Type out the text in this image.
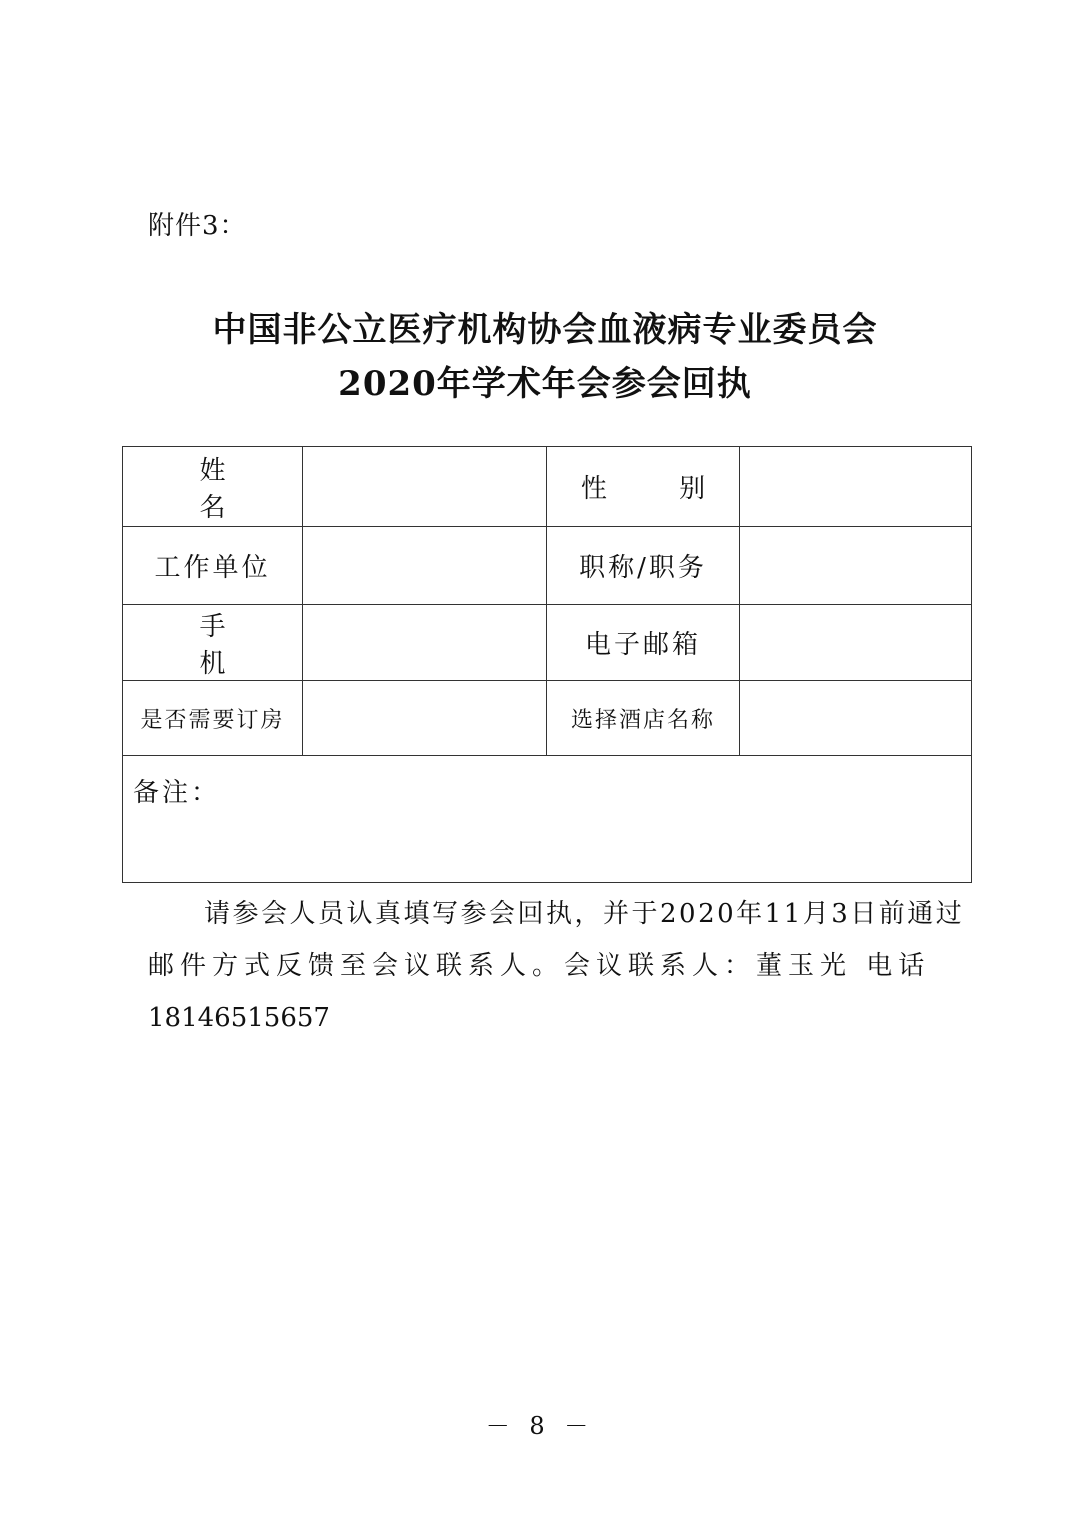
附件3：
中国非公立医疗机构协会血液病专业委员会
2020年学术年会参会回执
姓 名		性 别	
工作单位		职称/职务	
手 机		电子邮箱	
是否需要订房		选择酒店名称	

备注：			
请参会人员认真填写参会回执，并于2020年11月3日前通过
邮件方式反馈至会议联系人。会议联系人：董玉光 电话
18146515657
－ 8 －
